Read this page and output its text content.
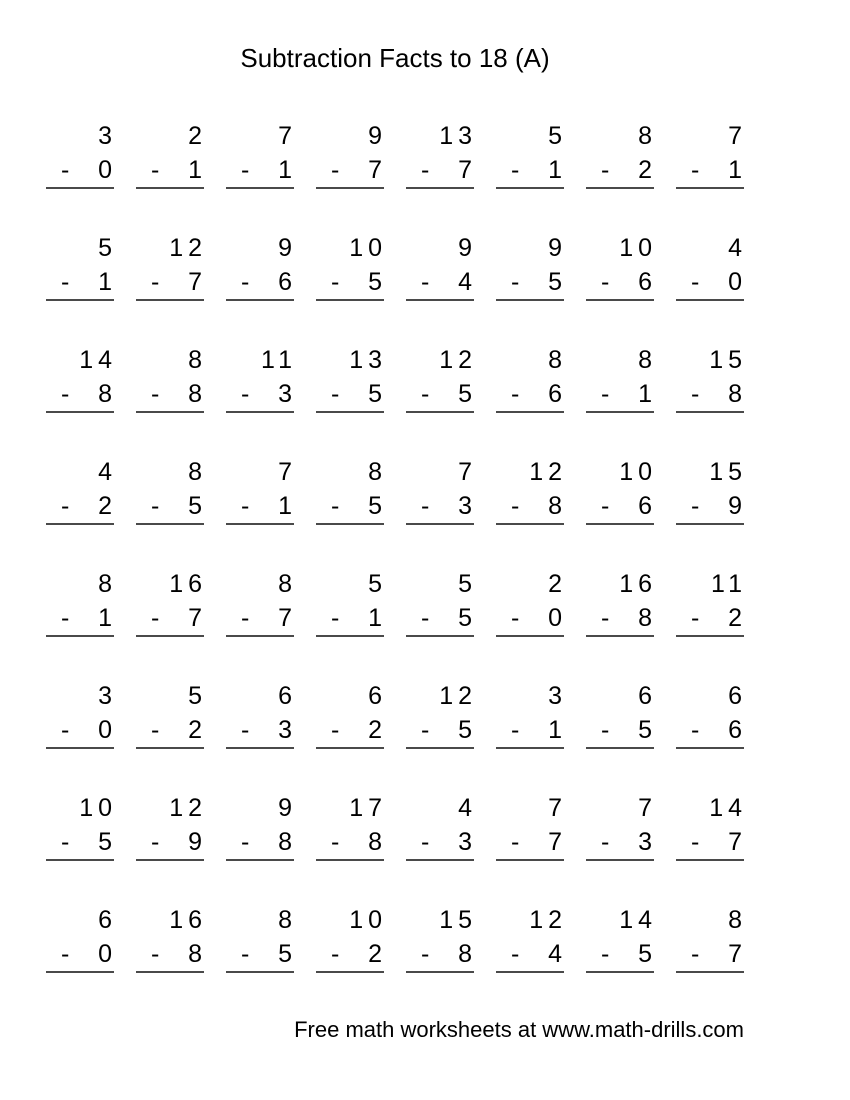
Subtraction Facts to 18 (A)
3
- 0
2
- 1
7
- 1
9
- 7
13
- 7
5
- 1
8
- 2
7
- 1
5
- 1
12
- 7
9
- 6
10
- 5
9
- 4
9
- 5
10
- 6
4
- 0
14
- 8
8
- 8
11
- 3
13
- 5
12
- 5
8
- 6
8
- 1
15
- 8
4
- 2
8
- 5
7
- 1
8
- 5
7
- 3
12
- 8
10
- 6
15
- 9
8
- 1
16
- 7
8
- 7
5
- 1
5
- 5
2
- 0
16
- 8
11
- 2
3
- 0
5
- 2
6
- 3
6
- 2
12
- 5
3
- 1
6
- 5
6
- 6
10
- 5
12
- 9
9
- 8
17
- 8
4
- 3
7
- 7
7
- 3
14
- 7
6
- 0
16
- 8
8
- 5
10
- 2
15
- 8
12
- 4
14
- 5
8
- 7
Free math worksheets at www.math-drills.com
